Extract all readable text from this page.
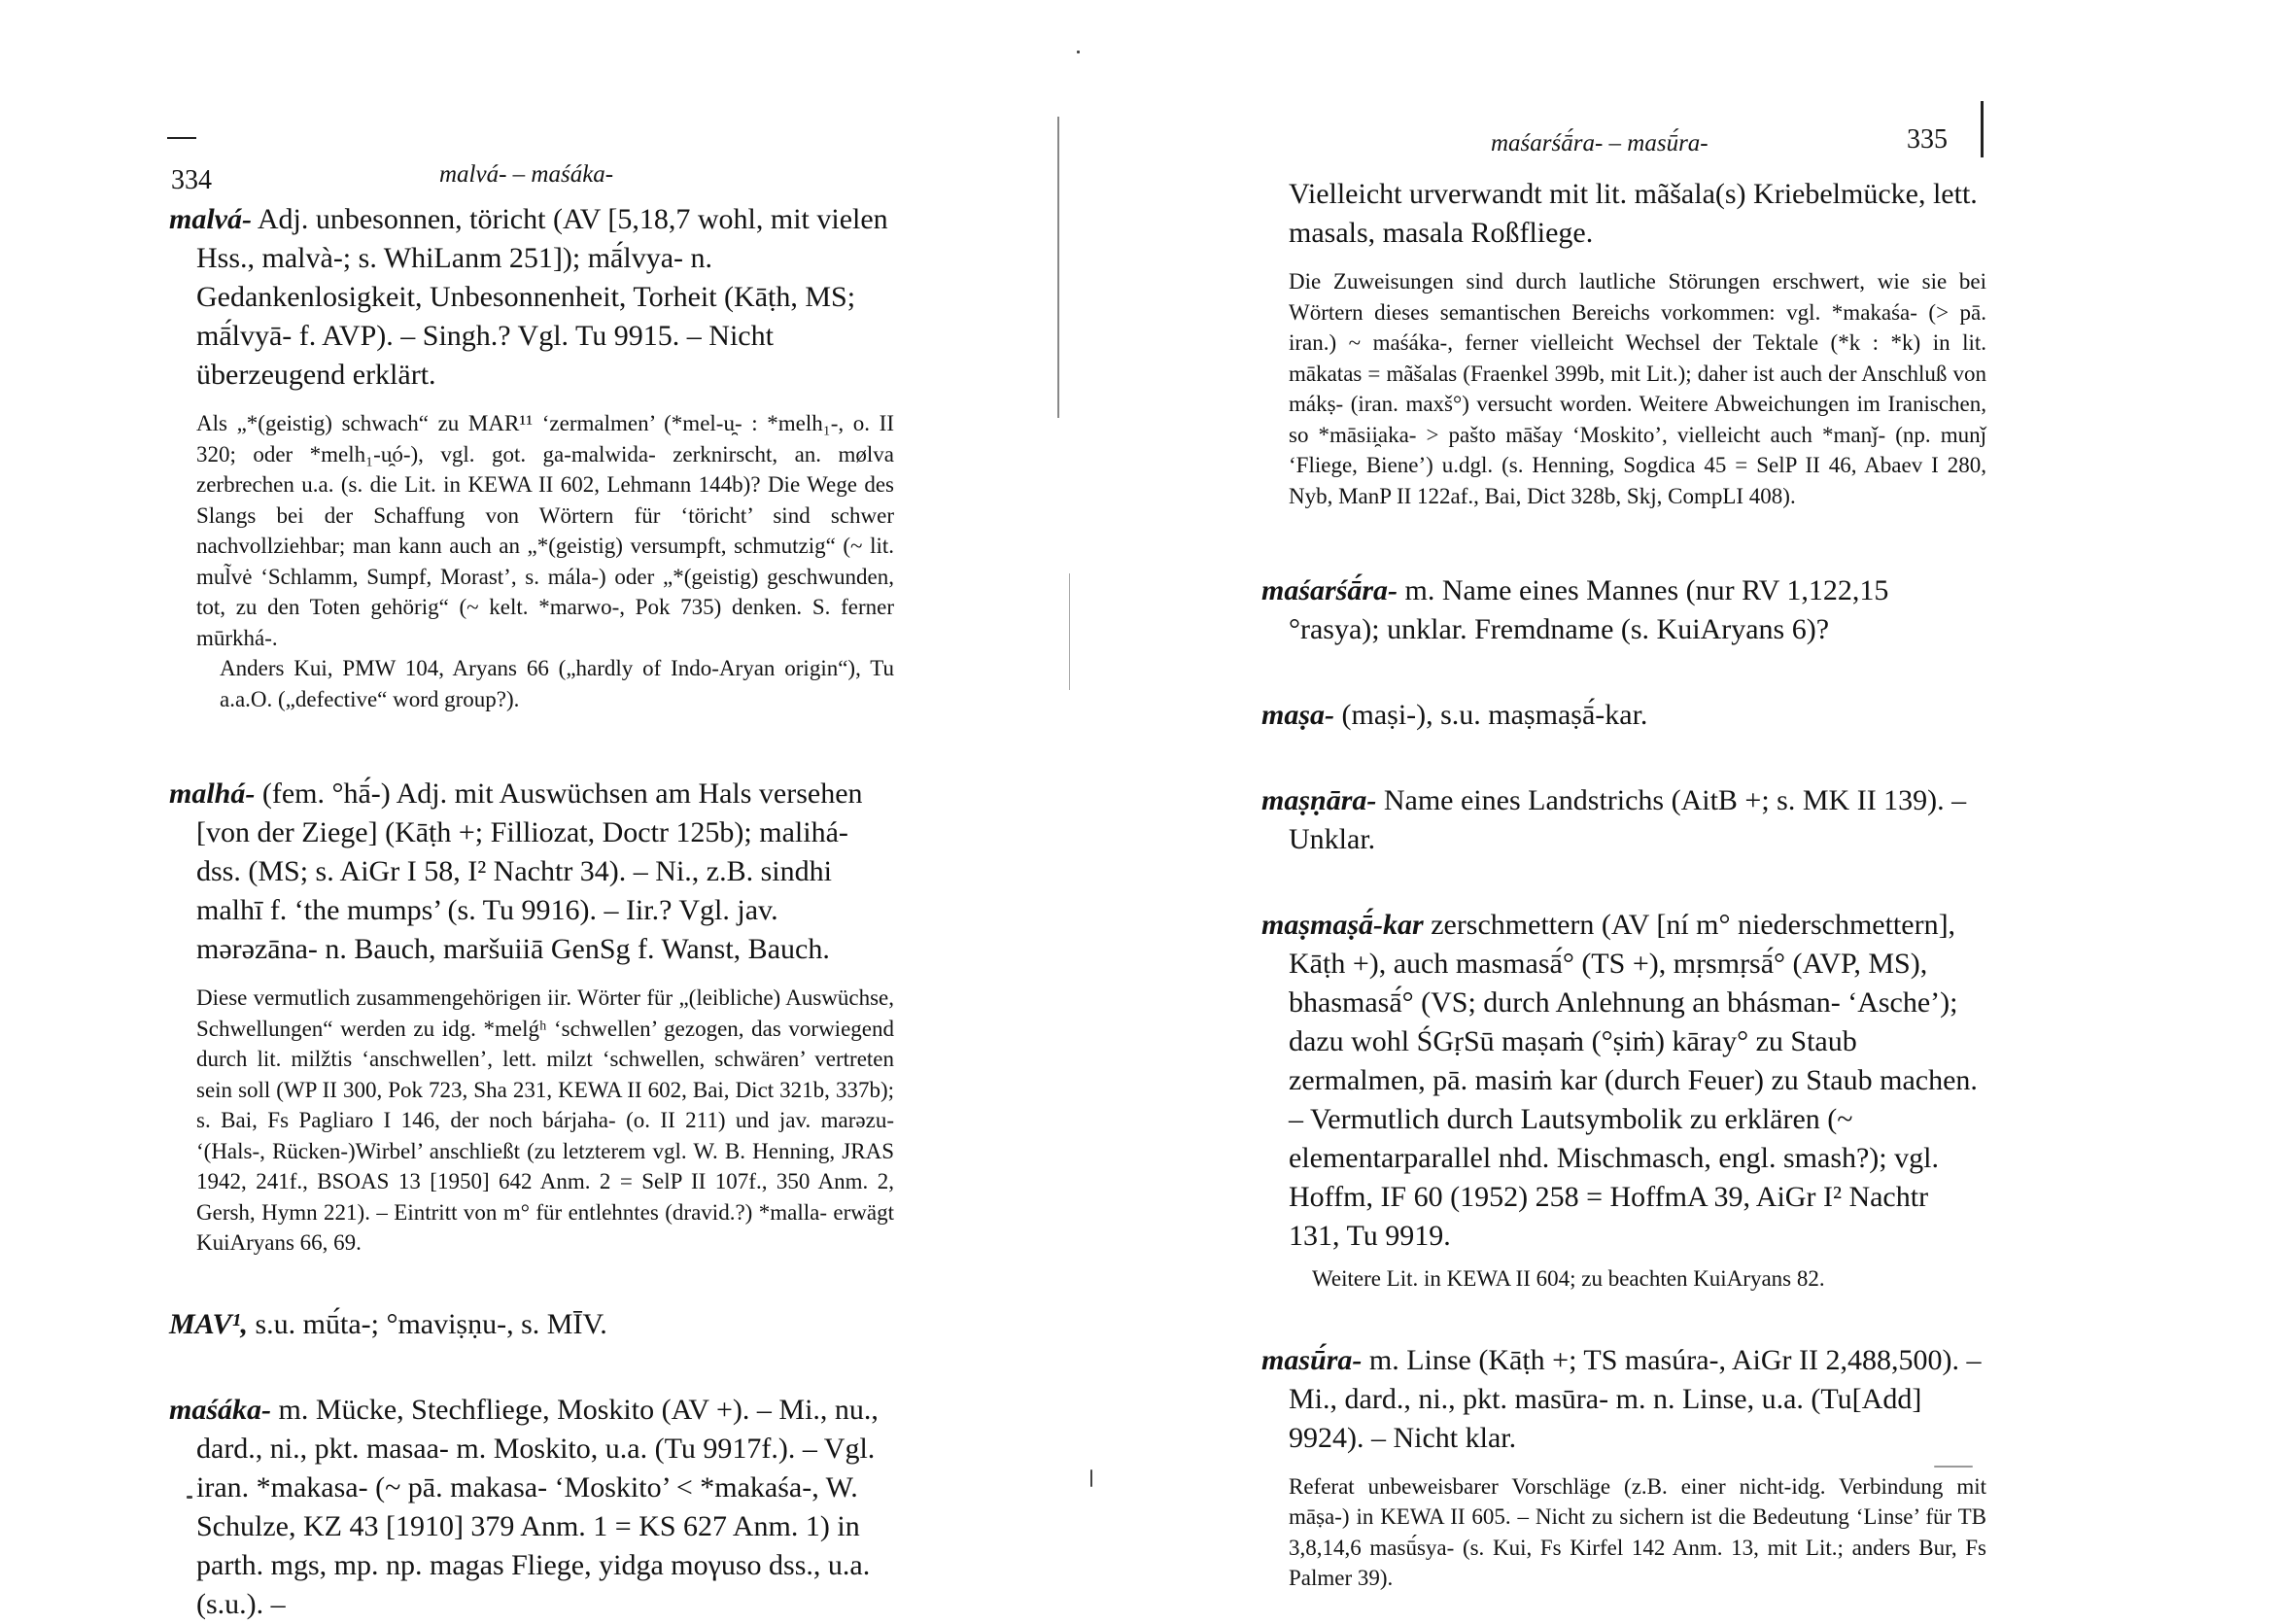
334	malvá- – maśáka-

malvá- Adj. unbesonnen, töricht (AV [5,18,7 wohl, mit vielen Hss., malvà-; s. WhiLanm 251]); mā́lvya- n. Gedankenlosigkeit, Unbesonnenheit, Torheit (Kāṭh, MS; mā́lvyā- f. AVP). – Singh.? Vgl. Tu 9915. – Nicht überzeugend erklärt.

Als „*(geistig) schwach“ zu MAR¹¹ ‘zermalmen’ (*mel-u̯- : *melh₁-, o. II 320; oder *melh₁-u̯ó-), vgl. got. ga-malwida- zerknirscht, an. mølva zerbrechen u.a. (s. die Lit. in KEWA II 602, Lehmann 144b)? Die Wege des Slangs bei der Schaffung von Wörtern für ‘töricht’ sind schwer nachvollziehbar; man kann auch an „*(geistig) versumpft, schmutzig“ (~ lit. mul̃vė ‘Schlamm, Sumpf, Morast’, s. mála-) oder „*(geistig) geschwunden, tot, zu den Toten gehörig“ (~ kelt. *marwo-, Pok 735) denken. S. ferner mūrkhá-.

Anders Kui, PMW 104, Aryans 66 („hardly of Indo-Aryan origin“), Tu a.a.O. („defective“ word group?).

malhá- (fem. °hā́-) Adj. mit Auswüchsen am Hals versehen [von der Ziege] (Kāṭh +; Filliozat, Doctr 125b); malihá- dss. (MS; s. AiGr I 58, I² Nachtr 34). – Ni., z.B. sindhi malhī f. ‘the mumps’ (s. Tu 9916). – Iir.? Vgl. jav. mərəzāna- n. Bauch, maršuiiā GenSg f. Wanst, Bauch.

Diese vermutlich zusammengehörigen iir. Wörter für „(leibliche) Auswüchse, Schwellungen“ werden zu idg. *melǵʰ ‘schwellen’ gezogen, das vorwiegend durch lit. milžtis ‘anschwellen’, lett. milzt ‘schwellen, schwären’ vertreten sein soll (WP II 300, Pok 723, Sha 231, KEWA II 602, Bai, Dict 321b, 337b); s. Bai, Fs Pagliaro I 146, der noch bárjaha- (o. II 211) und jav. marəzu- ‘(Hals-, Rücken-)Wirbel’ anschließt (zu letzterem vgl. W. B. Henning, JRAS 1942, 241f., BSOAS 13 [1950] 642 Anm. 2 = SelP II 107f., 350 Anm. 2, Gersh, Hymn 221). – Eintritt von m° für entlehntes (dravid.?) *malla- erwägt KuiAryans 66, 69.

MAV¹, s.u. mū́ta-; °maviṣṇu-, s. MĪV.

maśáka- m. Mücke, Stechfliege, Moskito (AV +). – Mi., nu., dard., ni., pkt. masaa- m. Moskito, u.a. (Tu 9917f.). – Vgl. iran. *makasa- (~ pā. makasa- ‘Moskito’ < *makaśa-, W. Schulze, KZ 43 [1910] 379 Anm. 1 = KS 627 Anm. 1) in parth. mgs, mp. np. magas Fliege, yidga moγuso dss., u.a. (s.u.). –

maśarśā́ra- – masū́ra-	335

Vielleicht urverwandt mit lit. mãšala(s) Kriebelmücke, lett. masals, masala Roßfliege.

Die Zuweisungen sind durch lautliche Störungen erschwert, wie sie bei Wörtern dieses semantischen Bereichs vorkommen: vgl. *makaśa- (> pā. iran.) ~ maśáka-, ferner vielleicht Wechsel der Tektale (*k : *k) in lit. mākatas = mãšalas (Fraenkel 399b, mit Lit.); daher ist auch der Anschluß von mákṣ- (iran. maxš°) versucht worden. Weitere Abweichungen im Iranischen, so *māsii̯aka- > pašto māšay ‘Moskito’, vielleicht auch *manǰ- (np. munǰ ‘Fliege, Biene’) u.dgl. (s. Henning, Sogdica 45 = SelP II 46, Abaev I 280, Nyb, ManP II 122af., Bai, Dict 328b, Skj, CompLI 408).

maśarśā́ra- m. Name eines Mannes (nur RV 1,122,15 °rasya); unklar. Fremdname (s. KuiAryans 6)?

maṣa- (maṣi-), s.u. maṣmaṣā́-kar.

maṣṇāra- Name eines Landstrichs (AitB +; s. MK II 139). – Unklar.

maṣmaṣā́-kar zerschmettern (AV [ní m° niederschmettern], Kāṭh +), auch masmasā́° (TS +), mṛsmṛsā́° (AVP, MS), bhasmasā́° (VS; durch Anlehnung an bhásman- ‘Asche’); dazu wohl ŚGṛSū maṣaṁ (°ṣiṁ) kāray° zu Staub zermalmen, pā. masiṁ kar (durch Feuer) zu Staub machen. – Vermutlich durch Lautsymbolik zu erklären (~ elementarparallel nhd. Mischmasch, engl. smash?); vgl. Hoffm, IF 60 (1952) 258 = HoffmA 39, AiGr I² Nachtr 131, Tu 9919.

Weitere Lit. in KEWA II 604; zu beachten KuiAryans 82.

masū́ra- m. Linse (Kāṭh +; TS masúra-, AiGr II 2,488,500). – Mi., dard., ni., pkt. masūra- m. n. Linse, u.a. (Tu[Add] 9924). – Nicht klar.

Referat unbeweisbarer Vorschläge (z.B. einer nicht-idg. Verbindung mit māṣa-) in KEWA II 605. – Nicht zu sichern ist die Bedeutung ‘Linse’ für TB 3,8,14,6 masū́sya- (s. Kui, Fs Kirfel 142 Anm. 13, mit Lit.; anders Bur, Fs Palmer 39).
